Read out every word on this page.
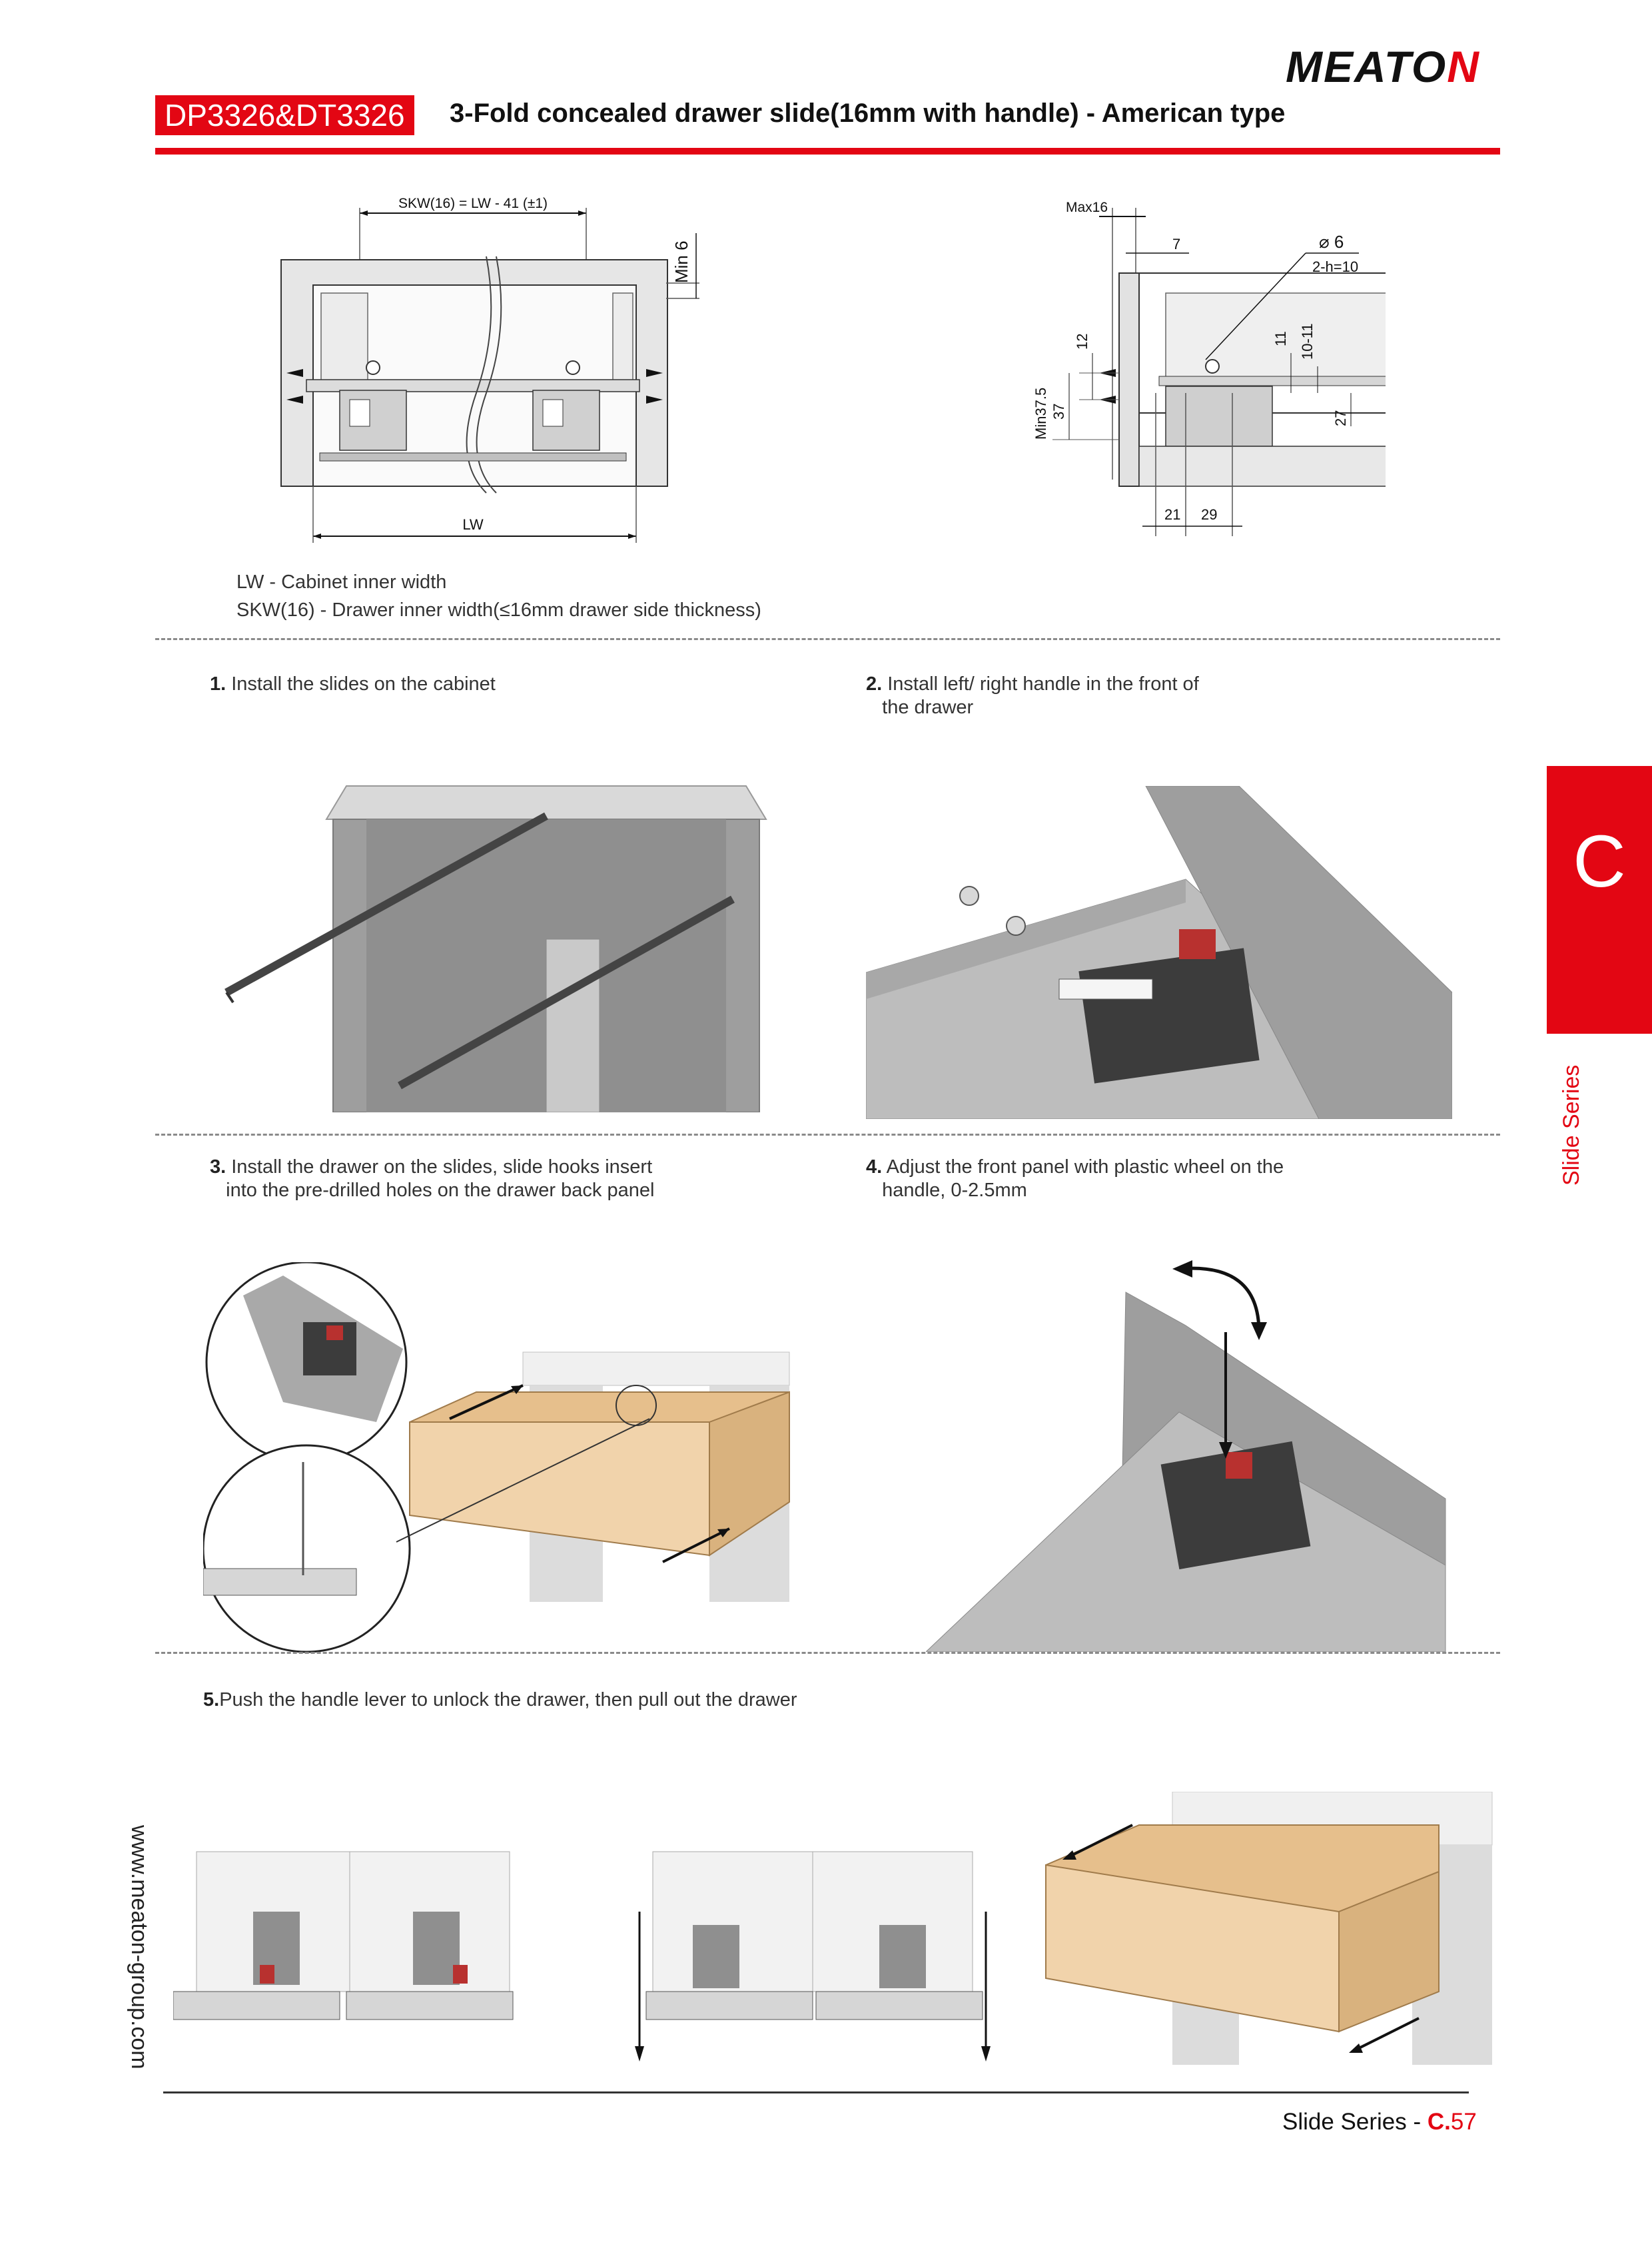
MEATON
DP3326&DT3326	3-Fold concealed drawer slide(16mm with handle) - American type
SKW(16) = LW - 41 (±1)
Min 6
LW
Max16
7	⌀ 6
2-h=10
12
37
Min37.5
11 10-11
27
21 29
LW - Cabinet inner width
SKW(16) - Drawer inner width(≤16mm drawer side thickness)
1. Install the slides on the cabinet	2. Install left/ right handle in the front of
the drawer
3. Install the drawer on the slides, slide hooks insert
into the pre-drilled holes on the drawer back panel
4. Adjust the front panel with plastic wheel on the
handle, 0-2.5mm
5.Push the handle lever to unlock the drawer, then pull out the drawer
C
Slide Series
www.meaton-group.com
Slide Series - C.57
